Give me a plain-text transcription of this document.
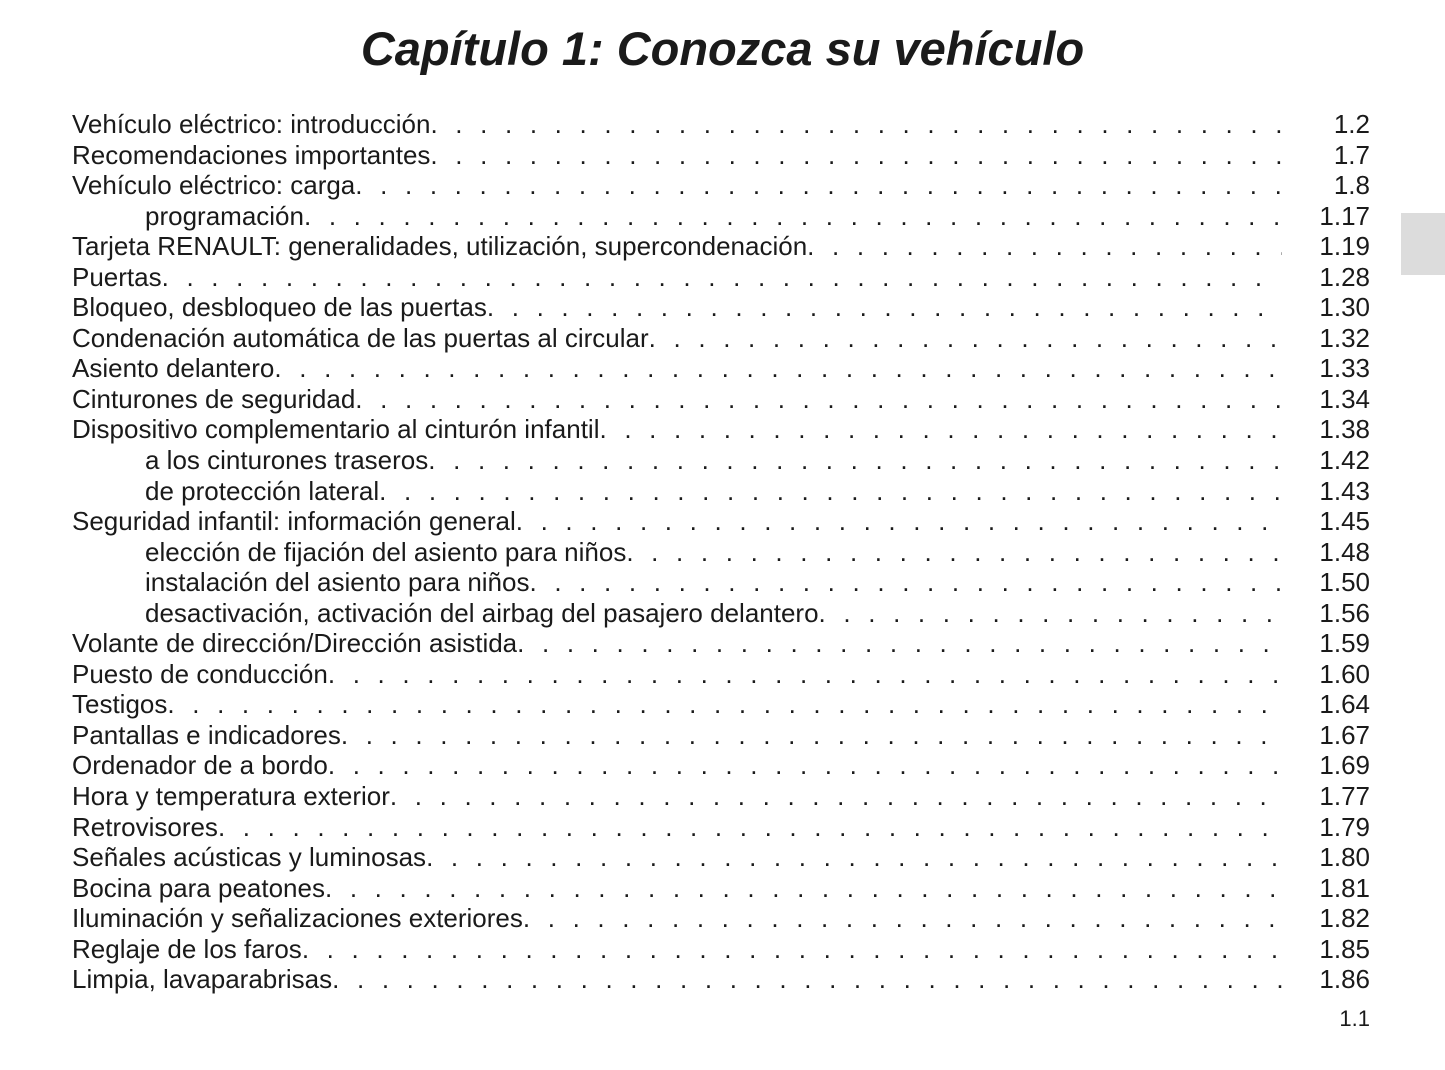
Capítulo 1: Conozca su vehículo
Vehículo eléctrico: introducción . . .	1.2
Recomendaciones importantes . . .	1.7
Vehículo eléctrico: carga . . .	1.8
programación . . .	1.17
Tarjeta RENAULT: generalidades, utilización, supercondenación . . .	1.19
Puertas . . .	1.28
Bloqueo, desbloqueo de las puertas . . .	1.30
Condenación automática de las puertas al circular . . .	1.32
Asiento delantero . . .	1.33
Cinturones de seguridad . . .	1.34
Dispositivo complementario al cinturón infantil . . .	1.38
a los cinturones traseros . . .	1.42
de protección lateral . . .	1.43
Seguridad infantil: información general . . .	1.45
elección de fijación del asiento para niños . . .	1.48
instalación del asiento para niños . . .	1.50
desactivación, activación del airbag del pasajero delantero . . .	1.56
Volante de dirección/Dirección asistida . . .	1.59
Puesto de conducción . . .	1.60
Testigos . . .	1.64
Pantallas e indicadores . . .	1.67
Ordenador de a bordo . . .	1.69
Hora y temperatura exterior . . .	1.77
Retrovisores . . .	1.79
Señales acústicas y luminosas . . .	1.80
Bocina para peatones . . .	1.81
Iluminación y señalizaciones exteriores . . .	1.82
Reglaje de los faros . . .	1.85
Limpia, lavaparabrisas . . .	1.86
1.1
